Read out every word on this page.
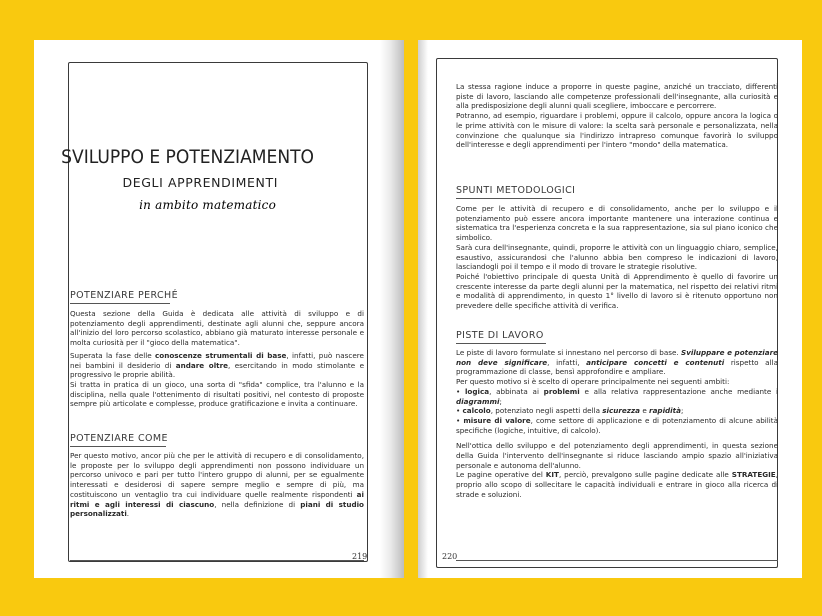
SVILUPPO E POTENZIAMENTO
DEGLI APPRENDIMENTI
in ambito matematico
POTENZIARE PERCHÉ

Questa sezione della Guida è dedicata alle attività di sviluppo e di potenziamento degli apprendimenti, destinate agli alunni che, seppure ancora all'inizio del loro percorso scolastico, abbiano già maturato interesse personale e molta curiosità per il "gioco della matematica".

Superata la fase delle conoscenze strumentali di base, infatti, può nascere nei bambini il desiderio di andare oltre, esercitando in modo stimolante e progressivo le proprie abilità.

Si tratta in pratica di un gioco, una sorta di "sfida" complice, tra l'alunno e la disciplina, nella quale l'ottenimento di risultati positivi, nel contesto di proposte sempre più articolate e complesse, produce gratificazione e invita a continuare.

POTENZIARE COME

Per questo motivo, ancor più che per le attività di recupero e di consolidamento, le proposte per lo sviluppo degli apprendimenti non possono individuare un percorso univoco e pari per tutto l'intero gruppo di alunni, per se egualmente interessati e desiderosi di sapere sempre meglio e sempre di più, ma costituiscono un ventaglio tra cui individuare quelle realmente rispondenti ai ritmi e agli interessi di ciascuno, nella definizione di piani di studio personalizzati.

219

La stessa ragione induce a proporre in queste pagine, anziché un tracciato, differenti piste di lavoro, lasciando alle competenze professionali dell'insegnante, alla curiosità e alla predisposizione degli alunni quali scegliere, imboccare e percorrere.

Potranno, ad esempio, riguardare i problemi, oppure il calcolo, oppure ancora la logica o le prime attività con le misure di valore: la scelta sarà personale e personalizzata, nella convinzione che qualunque sia l'indirizzo intrapreso comunque favorirà lo sviluppo dell'interesse e degli apprendimenti per l'intero "mondo" della matematica.

SPUNTI METODOLOGICI

Come per le attività di recupero e di consolidamento, anche per lo sviluppo e il potenziamento può essere ancora importante mantenere una interazione continua e sistematica tra l'esperienza concreta e la sua rappresentazione, sia sul piano iconico che simbolico.

Sarà cura dell'insegnante, quindi, proporre le attività con un linguaggio chiaro, semplice, esaustivo, assicurandosi che l'alunno abbia ben compreso le indicazioni di lavoro, lasciandogli poi il tempo e il modo di trovare le strategie risolutive.

Poiché l'obiettivo principale di questa Unità di Apprendimento è quello di favorire un crescente interesse da parte degli alunni per la matematica, nel rispetto dei relativi ritmi e modalità di apprendimento, in questo 1° livello di lavoro si è ritenuto opportuno non prevedere delle specifiche attività di verifica.

PISTE DI LAVORO

Le piste di lavoro formulate si innestano nel percorso di base. Sviluppare e potenziare non deve significare, infatti, anticipare concetti e contenuti rispetto alla programmazione di classe, bensì approfondire e ampliare.

Per questo motivo si è scelto di operare principalmente nei seguenti ambiti:

• logica, abbinata ai problemi e alla relativa rappresentazione anche mediante i diagrammi;

• calcolo, potenziato negli aspetti della sicurezza e rapidità;

• misure di valore, come settore di applicazione e di potenziamento di alcune abilità specifiche (logiche, intuitive, di calcolo).

Nell'ottica dello sviluppo e del potenziamento degli apprendimenti, in questa sezione della Guida l'intervento dell'insegnante si riduce lasciando ampio spazio all'iniziativa personale e autonoma dell'alunno.

Le pagine operative del KIT, perciò, prevalgono sulle pagine dedicate alle STRATEGIE, proprio allo scopo di sollecitare le capacità individuali e entrare in gioco alla ricerca di strade e soluzioni.

220
